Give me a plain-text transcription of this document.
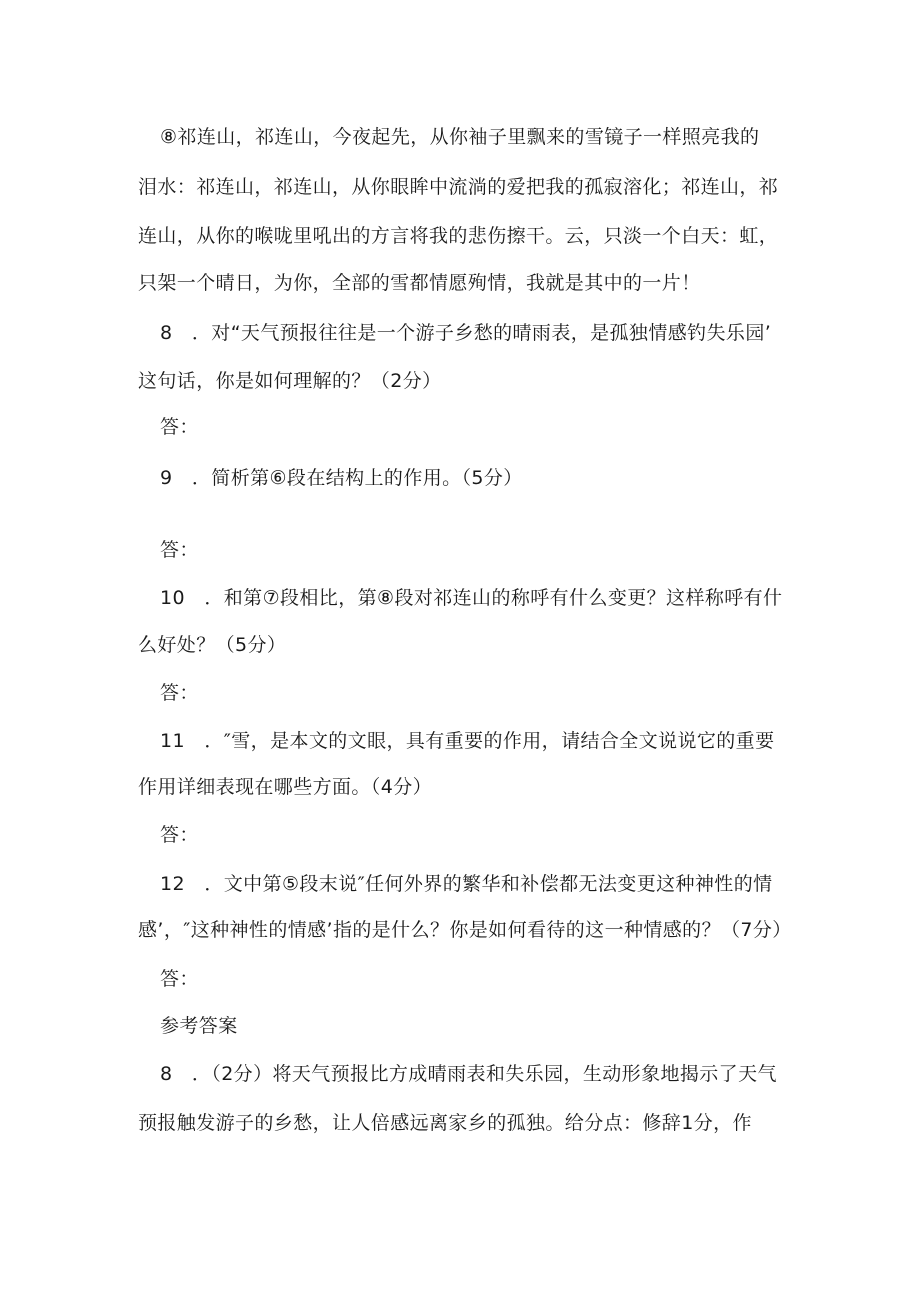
⑧祁连山，祁连山，今夜起先，从你袖子里飘来的雪镜子一样照亮我的
泪水：祁连山，祁连山，从你眼眸中流淌的爱把我的孤寂溶化；祁连山，祁
连山，从你的喉咙里吼出的方言将我的悲伤擦干。云，只淡一个白天：虹，
只架一个晴日，为你，全部的雪都情愿殉情，我就是其中的一片！
8　．对“天气预报往往是一个游子乡愁的晴雨表，是孤独情感钓失乐园’
这句话，你是如何理解的？（2分）
答：
9　．简析第⑥段在结构上的作用。（5分）
答：
10　．和第⑦段相比，第⑧段对祁连山的称呼有什么变更？这样称呼有什
么好处？（5分）
答：
11　．″雪，是本文的文眼，具有重要的作用，请结合全文说说它的重要
作用详细表现在哪些方面。（4分）
答：
12　．文中第⑤段末说″任何外界的繁华和补偿都无法变更这种神性的情
感’，″这种神性的情感’指的是什么？你是如何看待的这一种情感的？（7分）
答：
参考答案
8　．（2分）将天气预报比方成晴雨表和失乐园，生动形象地揭示了天气
预报触发游子的乡愁，让人倍感远离家乡的孤独。给分点：修辞1分，作
